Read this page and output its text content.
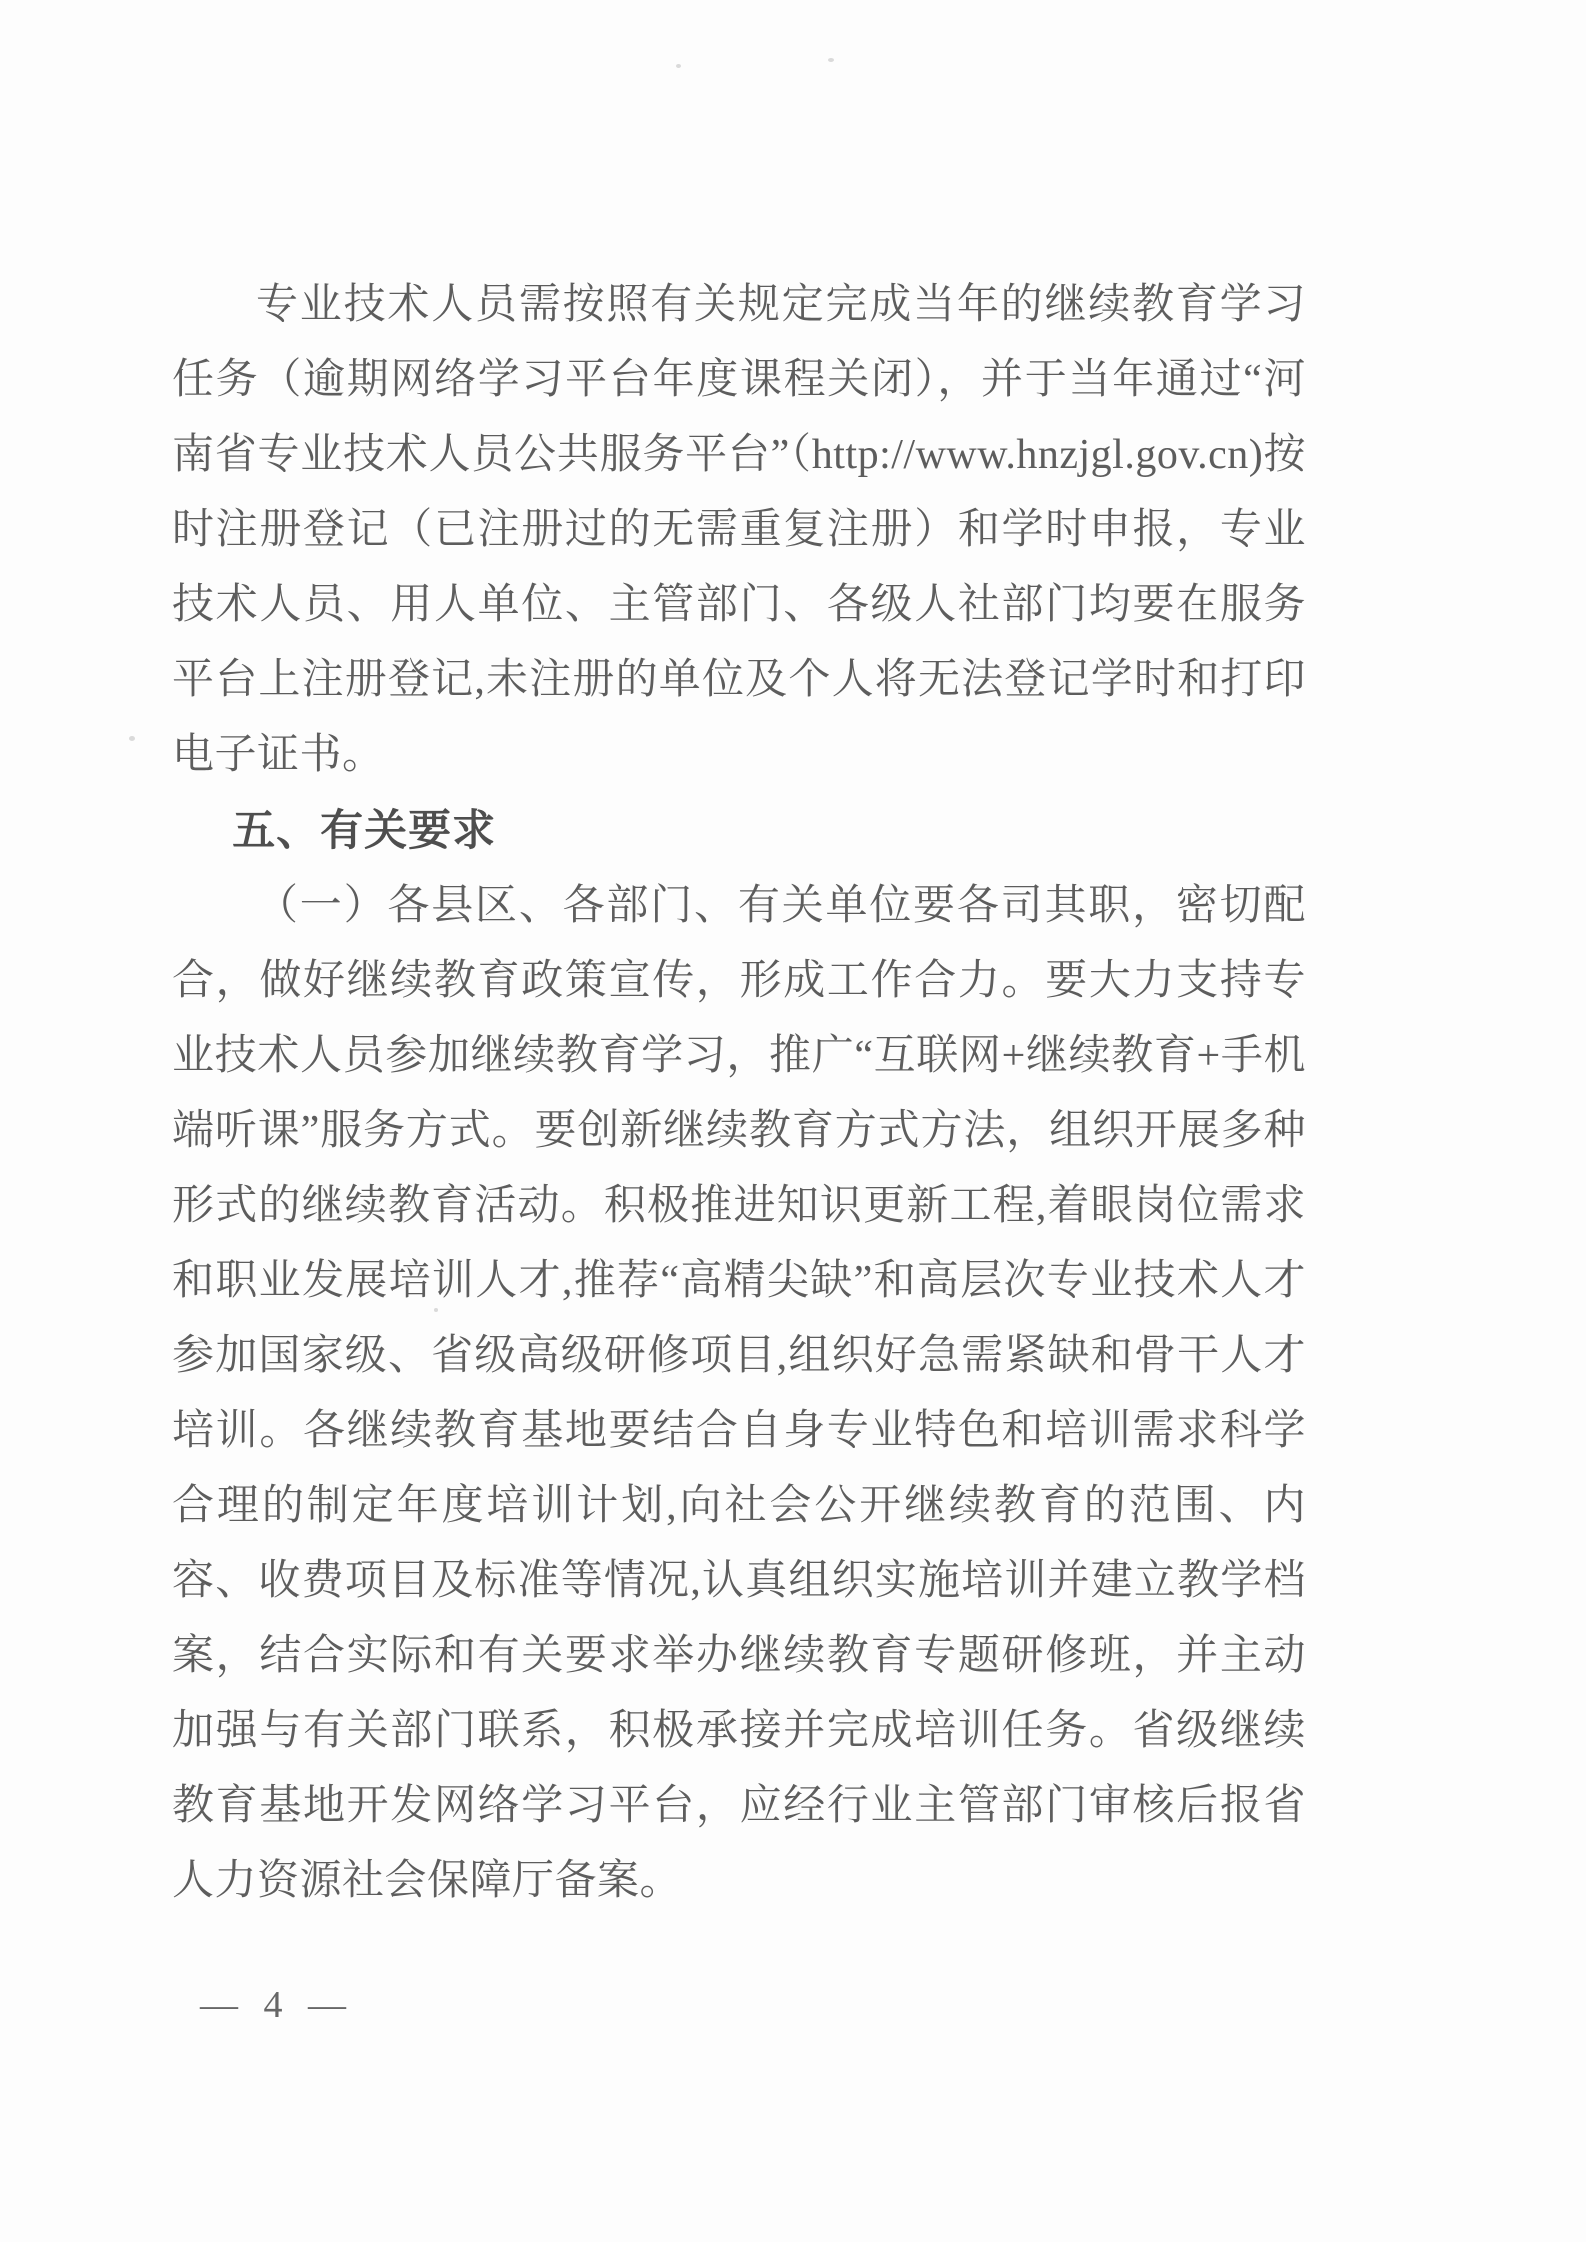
专业技术人员需按照有关规定完成当年的继续教育学习任务（逾期网络学习平台年度课程关闭），并于当年通过“河南省专业技术人员公共服务平台”（http://www.hnzjgl.gov.cn)按时注册登记（已注册过的无需重复注册）和学时申报，专业技术人员、用人单位、主管部门、各级人社部门均要在服务平台上注册登记,未注册的单位及个人将无法登记学时和打印电子证书。

五、有关要求

（一）各县区、各部门、有关单位要各司其职，密切配合，做好继续教育政策宣传，形成工作合力。要大力支持专业技术人员参加继续教育学习，推广“互联网+继续教育+手机端听课”服务方式。要创新继续教育方式方法，组织开展多种形式的继续教育活动。积极推进知识更新工程,着眼岗位需求和职业发展培训人才,推荐“高精尖缺”和高层次专业技术人才参加国家级、省级高级研修项目,组织好急需紧缺和骨干人才培训。各继续教育基地要结合自身专业特色和培训需求科学合理的制定年度培训计划,向社会公开继续教育的范围、内容、收费项目及标准等情况,认真组织实施培训并建立教学档案，结合实际和有关要求举办继续教育专题研修班，并主动加强与有关部门联系，积极承接并完成培训任务。省级继续教育基地开发网络学习平台，应经行业主管部门审核后报省人力资源社会保障厅备案。

— 4 —
